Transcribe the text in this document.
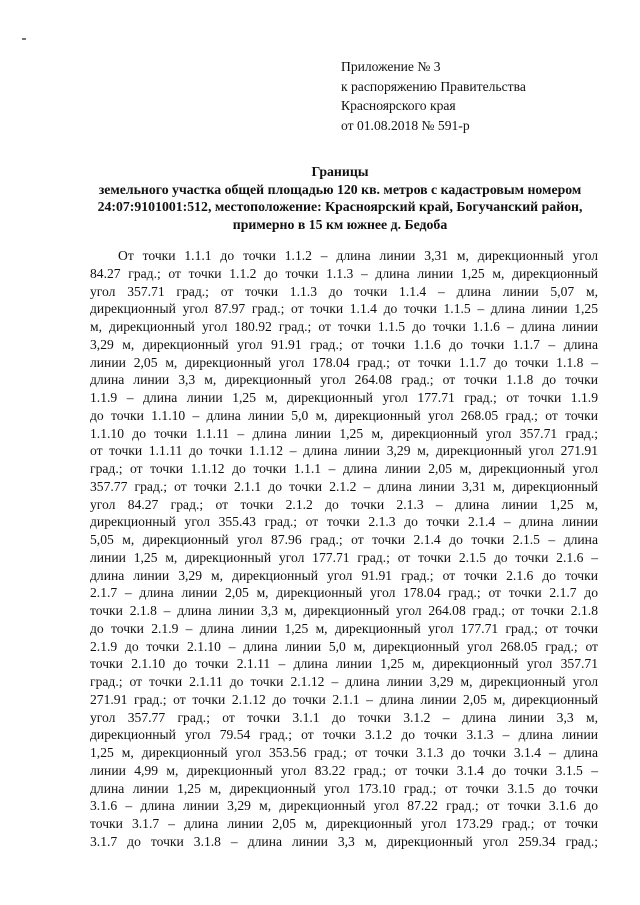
Приложение № 3
к распоряжению Правительства
Красноярского края
от 01.08.2018 № 591-р
Границы
земельного участка общей площадью 120 кв. метров с кадастровым номером
24:07:9101001:512, местоположение: Красноярский край, Богучанский район,
примерно в 15 км южнее д. Бедоба
От точки 1.1.1 до точки 1.1.2 – длина линии 3,31 м, дирекционный угол
84.27 град.; от точки 1.1.2 до точки 1.1.3 – длина линии 1,25 м, дирекционный
угол 357.71 град.; от точки 1.1.3 до точки 1.1.4 – длина линии 5,07 м,
дирекционный угол 87.97 град.; от точки 1.1.4 до точки 1.1.5 – длина линии 1,25
м, дирекционный угол 180.92 град.; от точки 1.1.5 до точки 1.1.6 – длина линии
3,29 м, дирекционный угол 91.91 град.; от точки 1.1.6 до точки 1.1.7 – длина
линии 2,05 м, дирекционный угол 178.04 град.; от точки 1.1.7 до точки 1.1.8 –
длина линии 3,3 м, дирекционный угол 264.08 град.; от точки 1.1.8 до точки
1.1.9 – длина линии 1,25 м, дирекционный угол 177.71 град.; от точки 1.1.9
до точки 1.1.10 – длина линии 5,0 м, дирекционный угол 268.05 град.; от точки
1.1.10 до точки 1.1.11 – длина линии 1,25 м, дирекционный угол 357.71 град.;
от точки 1.1.11 до точки 1.1.12 – длина линии 3,29 м, дирекционный угол 271.91
град.; от точки 1.1.12 до точки 1.1.1 – длина линии 2,05 м, дирекционный угол
357.77 град.; от точки 2.1.1 до точки 2.1.2 – длина линии 3,31 м, дирекционный
угол 84.27 град.; от точки 2.1.2 до точки 2.1.3 – длина линии 1,25 м,
дирекционный угол 355.43 град.; от точки 2.1.3 до точки 2.1.4 – длина линии
5,05 м, дирекционный угол 87.96 град.; от точки 2.1.4 до точки 2.1.5 – длина
линии 1,25 м, дирекционный угол 177.71 град.; от точки 2.1.5 до точки 2.1.6 –
длина линии 3,29 м, дирекционный угол 91.91 град.; от точки 2.1.6 до точки
2.1.7 – длина линии 2,05 м, дирекционный угол 178.04 град.; от точки 2.1.7 до
точки 2.1.8 – длина линии 3,3 м, дирекционный угол 264.08 град.; от точки 2.1.8
до точки 2.1.9 – длина линии 1,25 м, дирекционный угол 177.71 град.; от точки
2.1.9 до точки 2.1.10 – длина линии 5,0 м, дирекционный угол 268.05 град.; от
точки 2.1.10 до точки 2.1.11 – длина линии 1,25 м, дирекционный угол 357.71
град.; от точки 2.1.11 до точки 2.1.12 – длина линии 3,29 м, дирекционный угол
271.91 град.; от точки 2.1.12 до точки 2.1.1 – длина линии 2,05 м, дирекционный
угол 357.77 град.; от точки 3.1.1 до точки 3.1.2 – длина линии 3,3 м,
дирекционный угол 79.54 град.; от точки 3.1.2 до точки 3.1.3 – длина линии
1,25 м, дирекционный угол 353.56 град.; от точки 3.1.3 до точки 3.1.4 – длина
линии 4,99 м, дирекционный угол 83.22 град.; от точки 3.1.4 до точки 3.1.5 –
длина линии 1,25 м, дирекционный угол 173.10 град.; от точки 3.1.5 до точки
3.1.6 – длина линии 3,29 м, дирекционный угол 87.22 град.; от точки 3.1.6 до
точки 3.1.7 – длина линии 2,05 м, дирекционный угол 173.29 град.; от точки
3.1.7 до точки 3.1.8 – длина линии 3,3 м, дирекционный угол 259.34 град.;
